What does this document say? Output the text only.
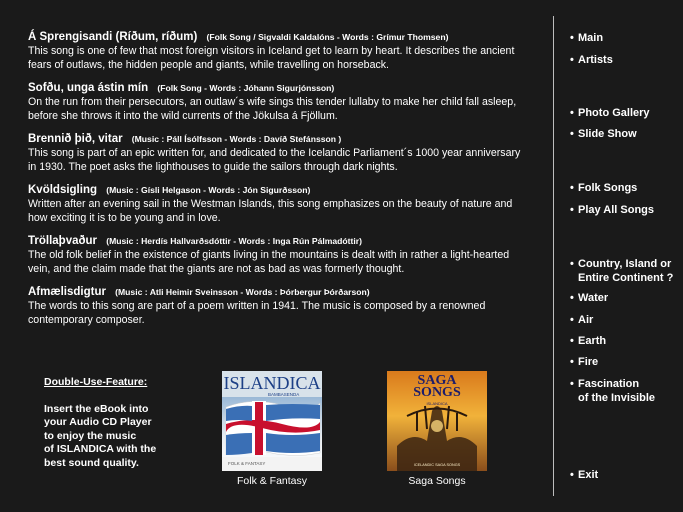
Á Sprengisandi (Ríðum, ríðum) (Folk Song / Sigvaldi Kaldalóns - Words : Grímur Thomsen)
This song is one of few that most foreign visitors in Iceland get to learn by heart. It describes the ancient fears of outlaws, the hidden people and giants, while travelling on horseback.
Sofðu, unga ástin mín (Folk Song - Words : Jóhann Sigurjónsson)
On the run from their persecutors, an outlaw´s wife sings this tender lullaby to make her child fall asleep, before she throws it into the wild currents of the Jökulsa á Fjöllum.
Brennið þið, vitar (Music : Páll Ísólfsson - Words : Davíð Stefánsson )
This song is part of an epic written for, and dedicated to the Icelandic Parliament´s 1000 year anniversary in 1930. The poet asks the lighthouses to guide the sailors through dark nights.
Kvöldsigling (Music : Gísli Helgason - Words : Jón Sigurðsson)
Written after an evening sail in the Westman Islands, this song emphasizes on the beauty of nature and how exciting it is to be young and in love.
Tröllaþvaður (Music : Herdís Hallvarðsdóttir - Words : Inga Rún Pálmadóttir)
The old folk belief in the existence of giants living in the mountains is dealt with in rather a light-hearted vein, and the claim made that the giants are not as bad as was formerly thought.
Afmælisdigtur (Music : Atli Heimir Sveinsson - Words : Þórbergur Þórðarson)
The words to this song are part of a poem written in 1941. The music is composed by a renowned contemporary composer.
Double-Use-Feature:
Insert the eBook into
your Audio CD Player
to enjoy the music
of ISLANDICA with the
best sound quality.
ISLANDICA
BAMBASENDA
FOLK & FANTASY
Folk & Fantasy
SAGA
SONGS
ISLANDICA
ICELANDIC SAGA SONGS
Saga Songs
• Main
• Artists
• Photo Gallery
• Slide Show
• Folk Songs
• Play All Songs
• Country, Island or
Entire Continent ?
• Water
• Air
• Earth
• Fire
• Fascination
of the Invisible
• Exit
